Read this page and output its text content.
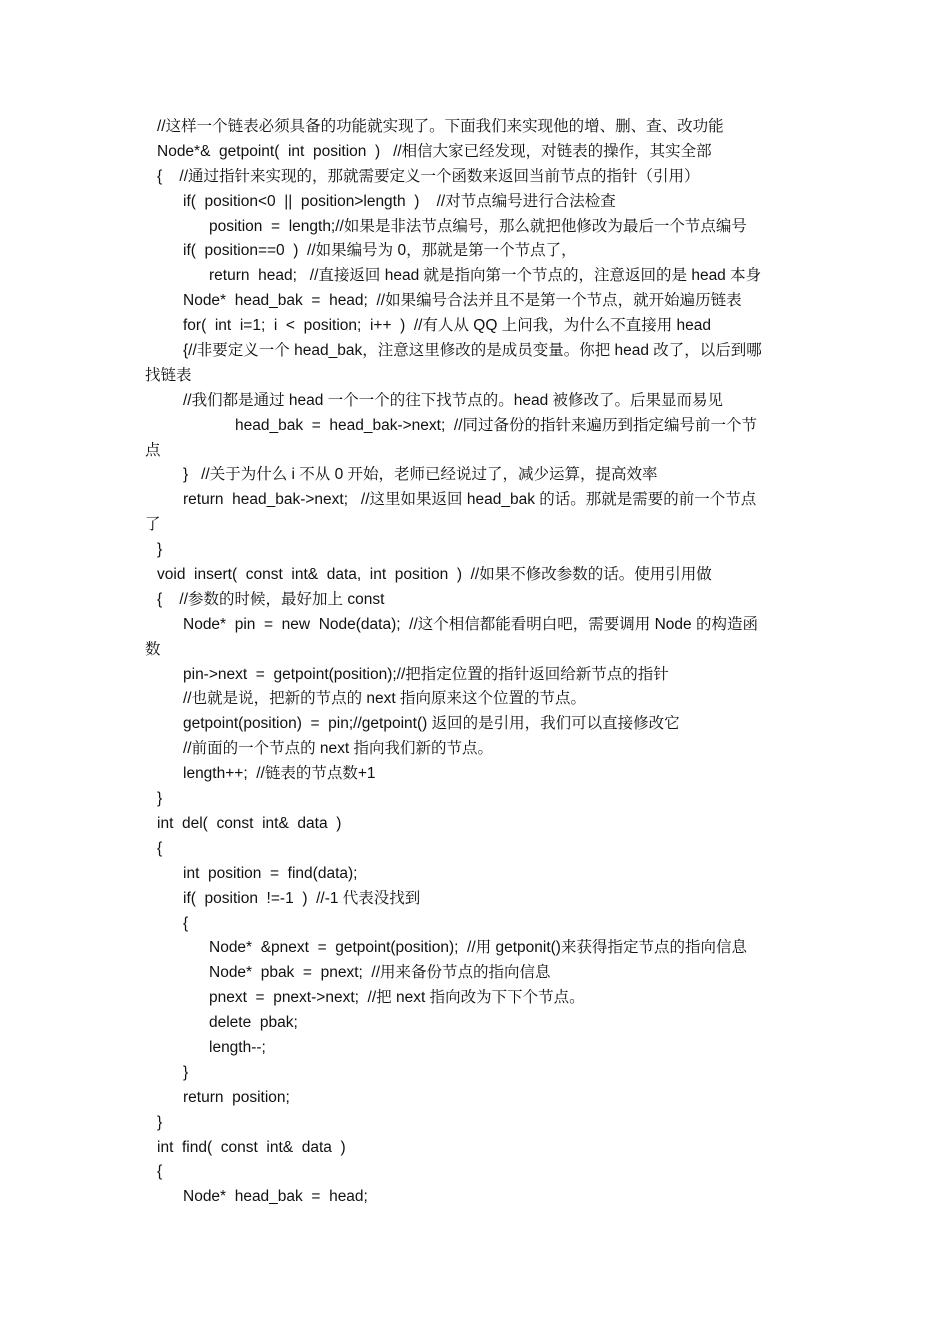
//这样一个链表必须具备的功能就实现了。下面我们来实现他的增、删、查、改功能
Node*&  getpoint(  int  position  )   //相信大家已经发现，对链表的操作，其实全部
{    //通过指针来实现的，那就需要定义一个函数来返回当前节点的指针（引用）
if(  position<0  ||  position>length  )    //对节点编号进行合法检查
position  =  length;//如果是非法节点编号，那么就把他修改为最后一个节点编号
if(  position==0  )  //如果编号为 0，那就是第一个节点了，
return  head;   //直接返回 head 就是指向第一个节点的，注意返回的是 head 本身
Node*  head_bak  =  head;  //如果编号合法并且不是第一个节点，就开始遍历链表
for(  int  i=1;  i  <  position;  i++  )  //有人从 QQ 上问我，为什么不直接用 head
{//非要定义一个 head_bak，注意这里修改的是成员变量。你把 head 改了，以后到哪
找链表
//我们都是通过 head 一个一个的往下找节点的。head 被修改了。后果显而易见
head_bak  =  head_bak->next;  //同过备份的指针来遍历到指定编号前一个节
点
}   //关于为什么 i 不从 0 开始，老师已经说过了，减少运算，提高效率
return  head_bak->next;   //这里如果返回 head_bak 的话。那就是需要的前一个节点
了
}
void  insert(  const  int&  data,  int  position  )  //如果不修改参数的话。使用引用做
{    //参数的时候，最好加上 const
Node*  pin  =  new  Node(data);  //这个相信都能看明白吧，需要调用 Node 的构造函
数
pin->next  =  getpoint(position);//把指定位置的指针返回给新节点的指针
//也就是说，把新的节点的 next 指向原来这个位置的节点。
getpoint(position)  =  pin;//getpoint() 返回的是引用，我们可以直接修改它
//前面的一个节点的 next 指向我们新的节点。
length++;  //链表的节点数+1
}
int  del(  const  int&  data  )
{
int  position  =  find(data);
if(  position  !=-1  )  //-1 代表没找到
{
Node*  &pnext  =  getpoint(position);  //用 getponit()来获得指定节点的指向信息
Node*  pbak  =  pnext;  //用来备份节点的指向信息
pnext  =  pnext->next;  //把 next 指向改为下下个节点。
delete  pbak;
length--;
}
return  position;
}
int  find(  const  int&  data  )
{
Node*  head_bak  =  head;
